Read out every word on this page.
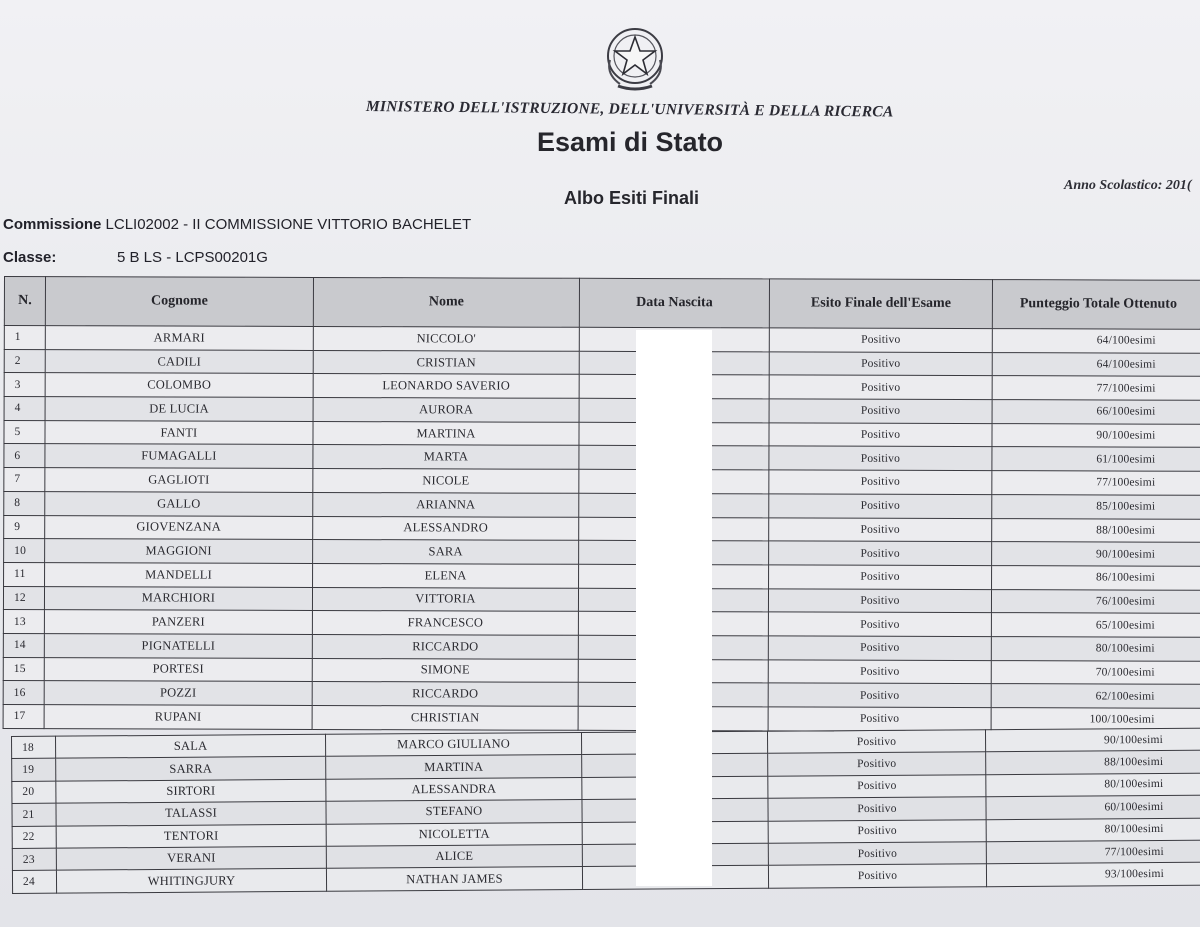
MINISTERO DELL'ISTRUZIONE, DELL'UNIVERSITÀ E DELLA RICERCA
Esami di Stato
Anno Scolastico: 201(
Albo Esiti Finali
Commissione LCLI02002 - II COMMISSIONE VITTORIO BACHELET
Classe:	5 B LS - LCPS00201G
N.	Cognome	Nome	Data Nascita	Esito Finale dell'Esame	Punteggio Totale Ottenuto
1	ARMARI	NICCOLO'		Positivo	64/100esimi
2	CADILI	CRISTIAN		Positivo	64/100esimi
3	COLOMBO	LEONARDO SAVERIO		Positivo	77/100esimi
4	DE LUCIA	AURORA		Positivo	66/100esimi
5	FANTI	MARTINA		Positivo	90/100esimi
6	FUMAGALLI	MARTA		Positivo	61/100esimi
7	GAGLIOTI	NICOLE		Positivo	77/100esimi
8	GALLO	ARIANNA		Positivo	85/100esimi
9	GIOVENZANA	ALESSANDRO		Positivo	88/100esimi
10	MAGGIONI	SARA		Positivo	90/100esimi
11	MANDELLI	ELENA		Positivo	86/100esimi
12	MARCHIORI	VITTORIA		Positivo	76/100esimi
13	PANZERI	FRANCESCO		Positivo	65/100esimi
14	PIGNATELLI	RICCARDO		Positivo	80/100esimi
15	PORTESI	SIMONE		Positivo	70/100esimi
16	POZZI	RICCARDO		Positivo	62/100esimi
17	RUPANI	CHRISTIAN		Positivo	100/100esimi
18	SALA	MARCO GIULIANO		Positivo	90/100esimi
19	SARRA	MARTINA		Positivo	88/100esimi
20	SIRTORI	ALESSANDRA		Positivo	80/100esimi
21	TALASSI	STEFANO		Positivo	60/100esimi
22	TENTORI	NICOLETTA		Positivo	80/100esimi
23	VERANI	ALICE		Positivo	77/100esimi
24	WHITINGJURY	NATHAN JAMES		Positivo	93/100esimi
